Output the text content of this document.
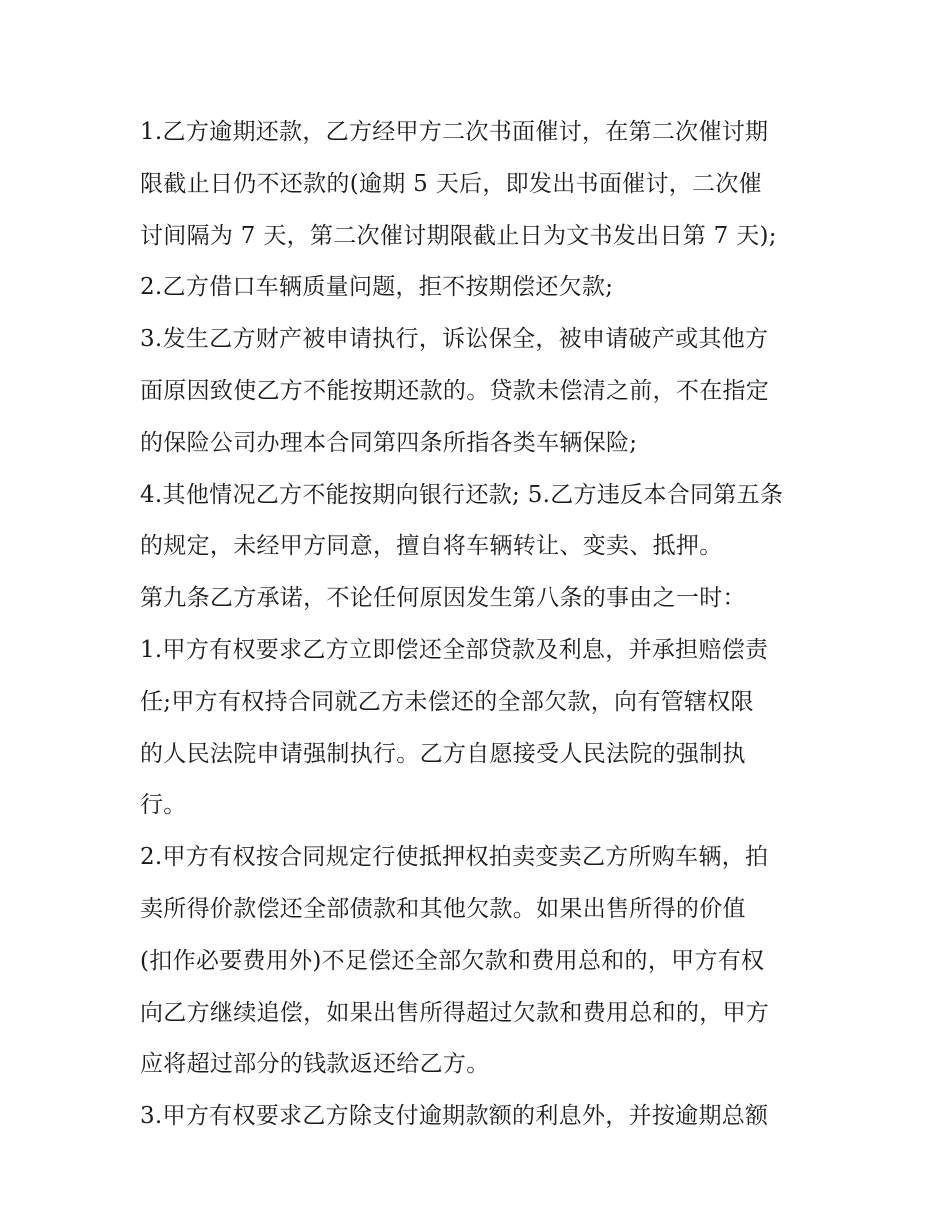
1.乙方逾期还款，乙方经甲方二次书面催讨，在第二次催讨期
限截止日仍不还款的(逾期 5 天后，即发出书面催讨，二次催
讨间隔为 7 天，第二次催讨期限截止日为文书发出日第 7 天);
2.乙方借口车辆质量问题，拒不按期偿还欠款;
3.发生乙方财产被申请执行，诉讼保全，被申请破产或其他方
面原因致使乙方不能按期还款的。贷款未偿清之前，不在指定
的保险公司办理本合同第四条所指各类车辆保险;
4.其他情况乙方不能按期向银行还款; 5.乙方违反本合同第五条
的规定，未经甲方同意，擅自将车辆转让、变卖、抵押。
第九条乙方承诺，不论任何原因发生第八条的事由之一时：
1.甲方有权要求乙方立即偿还全部贷款及利息，并承担赔偿责
任;甲方有权持合同就乙方未偿还的全部欠款，向有管辖权限
的人民法院申请强制执行。乙方自愿接受人民法院的强制执
行。
2.甲方有权按合同规定行使抵押权拍卖变卖乙方所购车辆，拍
卖所得价款偿还全部债款和其他欠款。如果出售所得的价值
(扣作必要费用外)不足偿还全部欠款和费用总和的，甲方有权
向乙方继续追偿，如果出售所得超过欠款和费用总和的，甲方
应将超过部分的钱款返还给乙方。
3.甲方有权要求乙方除支付逾期款额的利息外，并按逾期总额
